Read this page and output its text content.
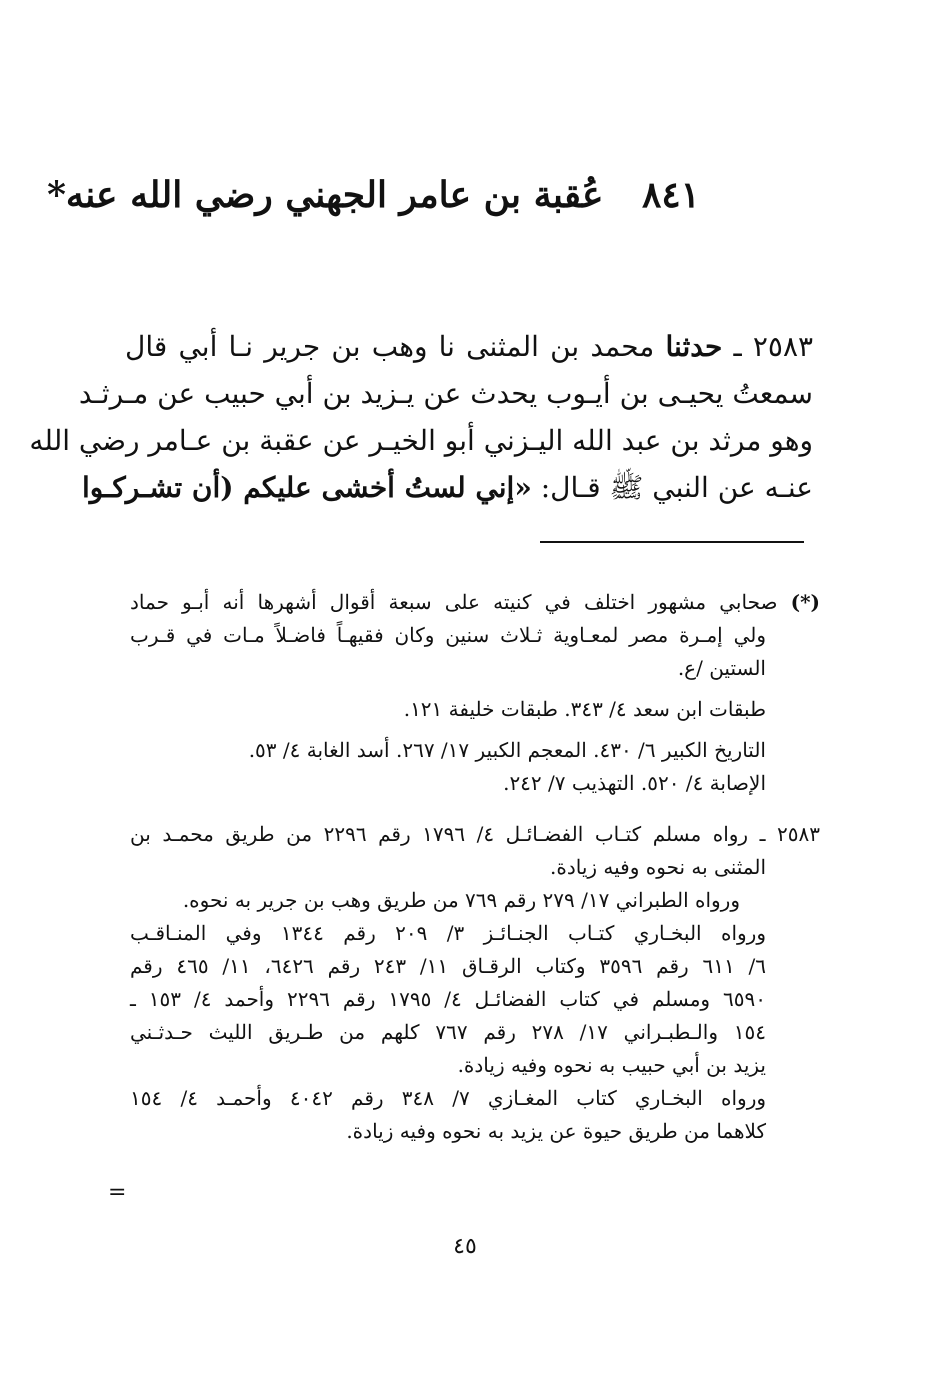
٨٤١ عُقبة بن عامر الجهني رضي الله عنه*
٢٥٨٣ ـ حدثنا محمد بن المثنى نا وهب بن جرير نـا أبي قال
سمعتُ يحيـى بن أيـوب يحدث عن يـزيد بن أبي حبيب عن مـرثـد
وهو مرثد بن عبد الله اليـزني أبو الخيـر عن عقبة بن عـامر رضي الله
عنـه عن النبي ﷺ قـال: «إني لستُ أخشى عليكم (أن تشـركـوا
(*) صحابي مشهور اختلف في كنيته على سبعة أقوال أشهرها أنه أبـو حماد
ولي إمـرة مصر لمعـاوية ثـلاث سنين وكان فقيهـاً فاضـلاً مـات في قـرب
الستين /ع.
طبقات ابن سعد ٤/ ٣٤٣. طبقات خليفة ١٢١.
التاريخ الكبير ٦/ ٤٣٠. المعجم الكبير ١٧/ ٢٦٧. أسد الغابة ٤/ ٥٣.
الإصابة ٤/ ٥٢٠. التهذيب ٧/ ٢٤٢.
٢٥٨٣ ـ رواه مسلم كتـاب الفضـائـل ٤/ ١٧٩٦ رقم ٢٢٩٦ من طريق محمـد بن
المثنى به نحوه وفيه زيادة.
ورواه الطبراني ١٧/ ٢٧٩ رقم ٧٦٩ من طريق وهب بن جرير به نحوه.
ورواه البخـاري كتـاب الجنـائـز ٣/ ٢٠٩ رقم ١٣٤٤ وفي المنـاقـب
٦/ ٦١١ رقم ٣٥٩٦ وكتاب الرقـاق ١١/ ٢٤٣ رقم ٦٤٢٦، ١١/ ٤٦٥ رقم
٦٥٩٠ ومسلم في كتاب الفضائـل ٤/ ١٧٩٥ رقم ٢٢٩٦ وأحمد ٤/ ١٥٣ ـ
١٥٤ والـطبـراني ١٧/ ٢٧٨ رقم ٧٦٧ كلهم من طـريق الليث حـدثـني
يزيد بن أبي حبيب به نحوه وفيه زيادة.
ورواه البخـاري كتاب المغـازي ٧/ ٣٤٨ رقم ٤٠٤٢ وأحمـد ٤/ ١٥٤
كلاهما من طريق حيوة عن يزيد به نحوه وفيه زيادة.
=
٤٥
